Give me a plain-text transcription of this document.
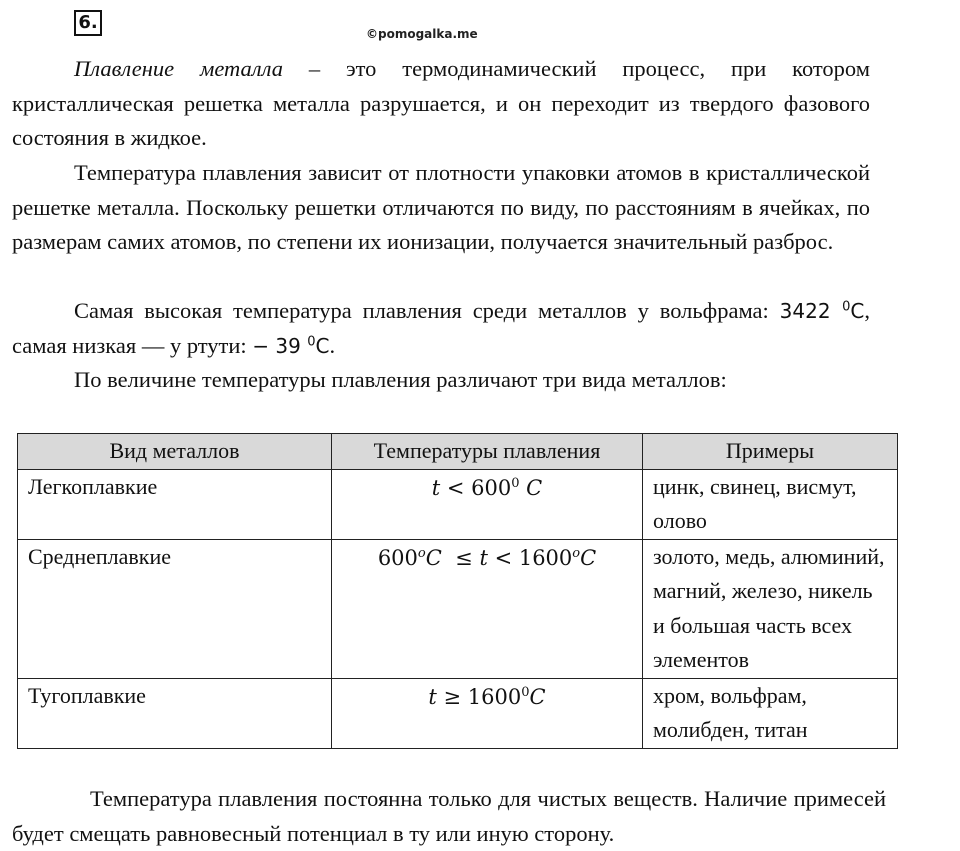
6.
©pomogalka.me

Плавление металла – это термодинамический процесс, при котором кристаллическая решетка металла разрушается, и он переходит из твердого фазового состояния в жидкое.

Температура плавления зависит от плотности упаковки атомов в кристаллической решетке металла. Поскольку решетки отличаются по виду, по расстояниям в ячейках, по размерам самих атомов, по степени их ионизации, получается значительный разброс.

Самая высокая температура плавления среди металлов у вольфрама: 3422 $^0$C, самая низкая — у ртути: − 39 $^0$C.

По величине температуры плавления различают три вида металлов:

Вид металлов	Температуры плавления	Примеры
Легкоплавкие	$t < 600^0$ C	цинк, свинец, висмут, олово
Среднеплавкие	$600^oC \le t < 1600^oC$	золото, медь, алюминий, магний, железо, никель и большая часть всех элементов
Тугоплавкие	$t \ge 1600^0C$	хром, вольфрам, молибден, титан

Температура плавления постоянна только для чистых веществ. Наличие примесей будет смещать равновесный потенциал в ту или иную сторону.
